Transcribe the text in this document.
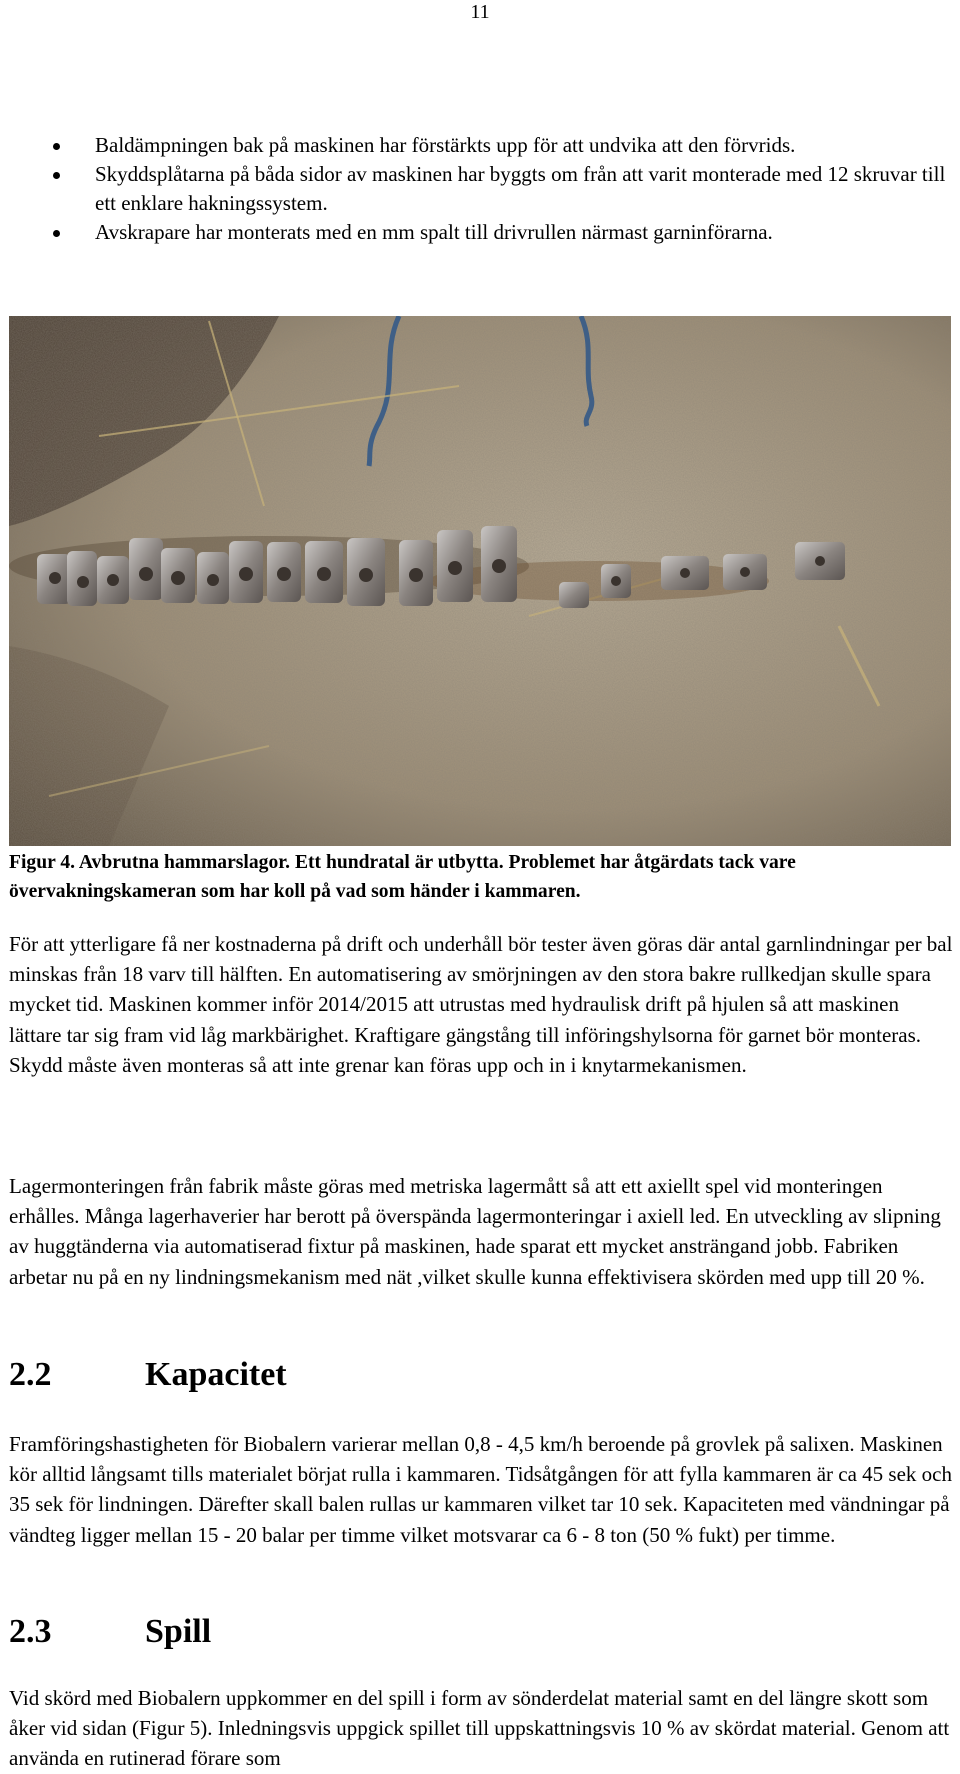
11
Baldämpningen bak på maskinen har förstärkts upp för att undvika att den förvrids.
Skyddsplåtarna på båda sidor av maskinen har byggts om från att varit monterade med 12 skruvar till ett enklare hakningssystem.
Avskrapare har monterats med en mm spalt till drivrullen närmast garninförarna.

Figur 4. Avbrutna hammarslagor. Ett hundratal är utbytta. Problemet har åtgärdats tack vare övervakningskameran som har koll på vad som händer i kammaren.

För att ytterligare få ner kostnaderna på drift och underhåll bör tester även göras där antal garnlindningar per bal minskas från 18 varv till hälften. En automatisering av smörjningen av den stora bakre rullkedjan skulle spara mycket tid. Maskinen kommer inför 2014/2015 att utrustas med hydraulisk drift på hjulen så att maskinen lättare tar sig fram vid låg markbärighet. Kraftigare gängstång till införingshylsorna för garnet bör monteras. Skydd måste även monteras så att inte grenar kan föras upp och in i knytarmekanismen.

Lagermonteringen från fabrik måste göras med metriska lagermått så att ett axiellt spel vid monteringen erhålles. Många lagerhaverier har berott på överspända lagermonteringar i axiell led. En utveckling av slipning av huggtänderna via automatiserad fixtur på maskinen, hade sparat ett mycket ansträngand jobb. Fabriken arbetar nu på en ny lindningsmekanism med nät ,vilket skulle kunna effektivisera skörden med upp till 20 %.

2.2	Kapacitet

Framföringshastigheten för Biobalern varierar mellan 0,8 - 4,5 km/h beroende på grovlek på salixen. Maskinen kör alltid långsamt tills materialet börjat rulla i kammaren. Tidsåtgången för att fylla kammaren är ca 45 sek och 35 sek för lindningen. Därefter skall balen rullas ur kammaren vilket tar 10 sek. Kapaciteten med vändningar på vändteg ligger mellan 15 - 20 balar per timme vilket motsvarar ca 6 - 8 ton (50 % fukt) per timme.

2.3	Spill

Vid skörd med Biobalern uppkommer en del spill i form av sönderdelat material samt en del längre skott som åker vid sidan (Figur 5). Inledningsvis uppgick spillet till uppskattningsvis 10 % av skördat material. Genom att använda en rutinerad förare som
